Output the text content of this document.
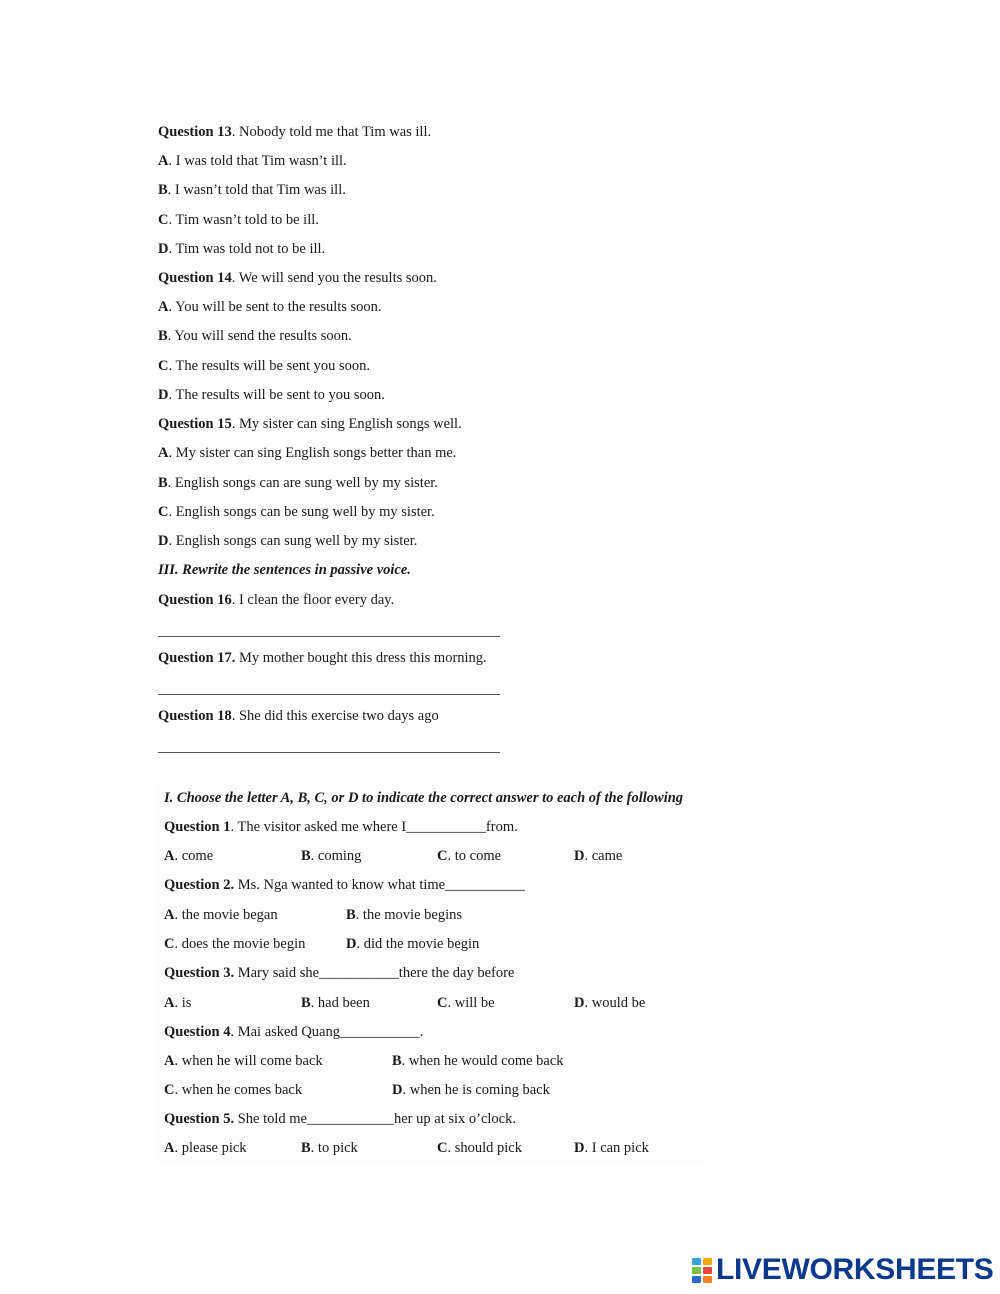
Question 13. Nobody told me that Tim was ill.
A. I was told that Tim wasn’t ill.
B. I wasn’t told that Tim was ill.
C. Tim wasn’t told to be ill.
D. Tim was told not to be ill.
Question 14. We will send you the results soon.
A. You will be sent to the results soon.
B. You will send the results soon.
C. The results will be sent you soon.
D. The results will be sent to you soon.
Question 15. My sister can sing English songs well.
A. My sister can sing English songs better than me.
B. English songs can are sung well by my sister.
C. English songs can be sung well by my sister.
D. English songs can sung well by my sister.
III. Rewrite the sentences in passive voice.
Question 16. I clean the floor every day.
Question 17. My mother bought this dress this morning.
Question 18. She did this exercise two days ago
I. Choose the letter A, B, C, or D to indicate the correct answer to each of the following
Question 1. The visitor asked me where I___________from.
A. come	B. coming	C. to come	D. came
Question 2. Ms. Nga wanted to know what time___________
A. the movie began	B. the movie begins
C. does the movie begin	D. did the movie begin
Question 3. Mary said she___________there the day before
A. is	B. had been	C. will be	D. would be
Question 4. Mai asked Quang___________.
A. when he will come back	B. when he would come back
C. when he comes back	D. when he is coming back
Question 5. She told me____________her up at six o’clock.
A. please pick	B. to pick	C. should pick	D. I can pick
LIVEWORKSHEETS
